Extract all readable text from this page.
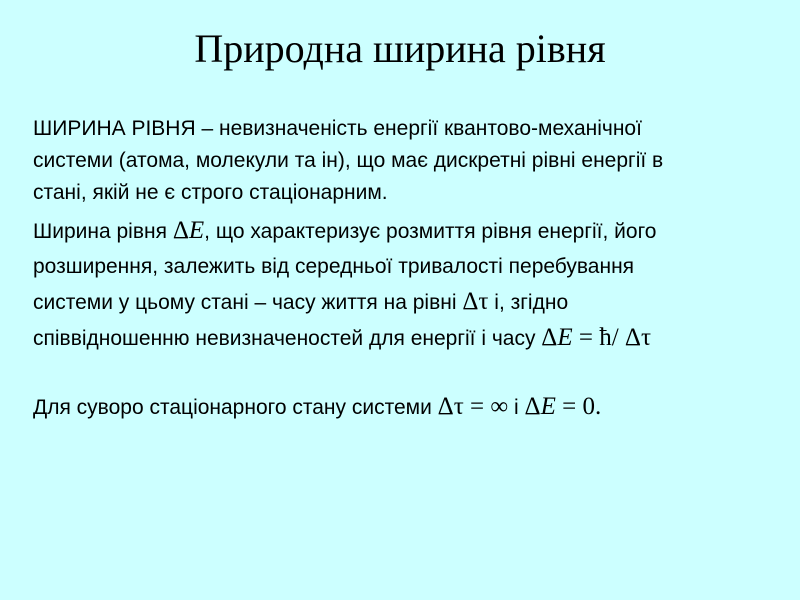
Природна ширина рівня
ШИРИНА РІВНЯ – невизначеність енергії квантово-механічної
системи (атома, молекули та ін), що має дискретні рівні енергії в
стані, якій не є строго стаціонарним.
Ширина рівня ΔE, що характеризує розмиття рівня енергії, його
розширення, залежить від середньої тривалості перебування
системи у цьому стані – часу життя на рівні Δτ і, згідно
співвідношенню невизначеностей для енергії і часу ΔE = ħ/ Δτ
Для суворо стаціонарного стану системи Δτ = ∞ і ΔE = 0.
